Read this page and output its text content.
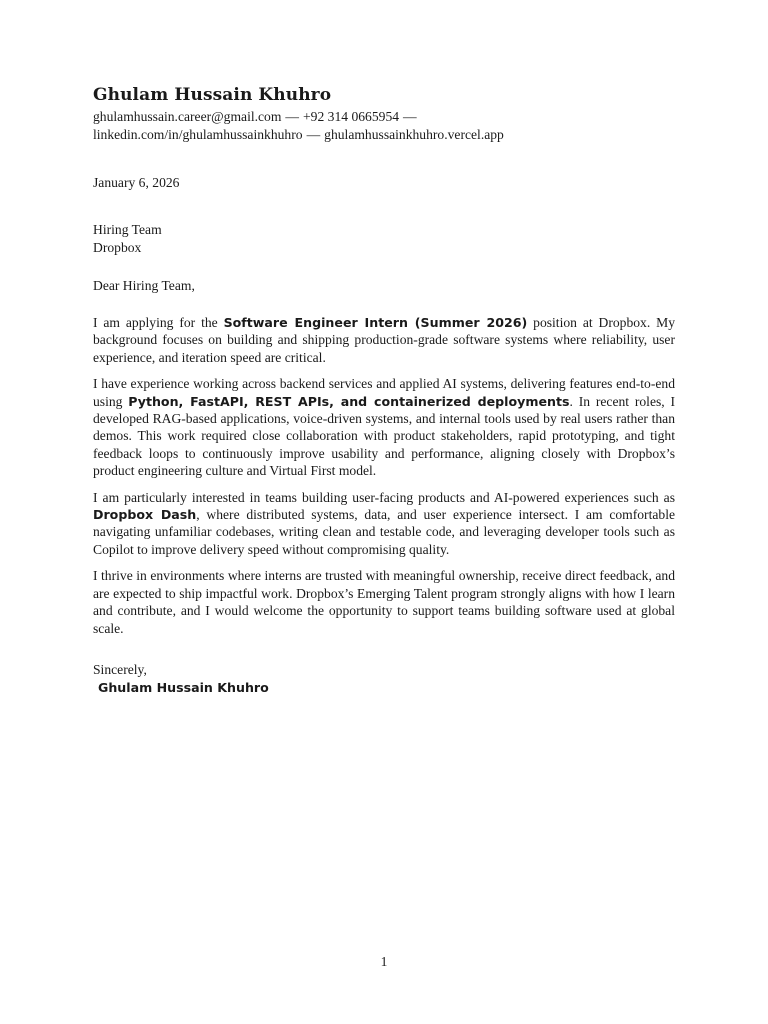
Ghulam Hussain Khuhro
ghulamhussain.career@gmail.com — +92 314 0665954 —
linkedin.com/in/ghulamhussainkhuhro — ghulamhussainkhuhro.vercel.app
January 6, 2026
Hiring Team
Dropbox
Dear Hiring Team,

I am applying for the Software Engineer Intern (Summer 2026) position at Dropbox. My background focuses on building and shipping production-grade software systems where reliability, user experience, and iteration speed are critical.

I have experience working across backend services and applied AI systems, delivering features end-to-end using Python, FastAPI, REST APIs, and containerized deployments. In recent roles, I developed RAG-based applications, voice-driven systems, and internal tools used by real users rather than demos. This work required close collaboration with product stakeholders, rapid prototyping, and tight feedback loops to continuously improve usability and performance, aligning closely with Dropbox’s product engineering culture and Virtual First model.

I am particularly interested in teams building user-facing products and AI-powered experiences such as Dropbox Dash, where distributed systems, data, and user experience intersect. I am comfortable navigating unfamiliar codebases, writing clean and testable code, and leveraging developer tools such as Copilot to improve delivery speed without compromising quality.

I thrive in environments where interns are trusted with meaningful ownership, receive direct feedback, and are expected to ship impactful work. Dropbox’s Emerging Talent program strongly aligns with how I learn and contribute, and I would welcome the opportunity to support teams building software used at global scale.

Sincerely,
Ghulam Hussain Khuhro
1
